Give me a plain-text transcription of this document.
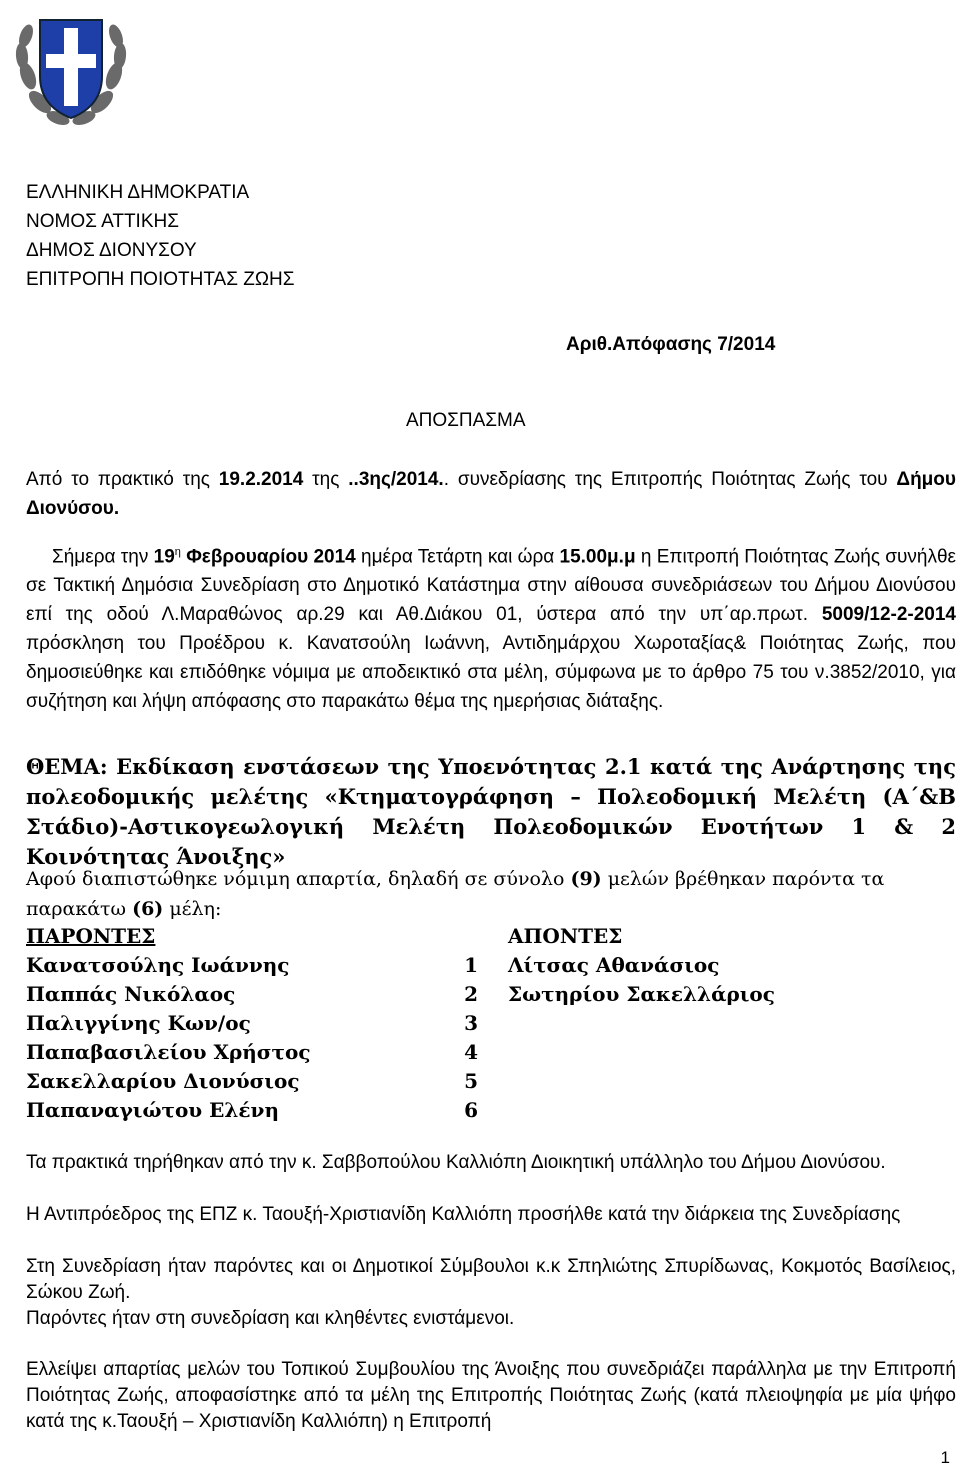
ΕΛΛΗΝΙΚΗ ΔΗΜΟΚΡΑΤΙΑ
ΝΟΜΟΣ ΑΤΤΙΚΗΣ
ΔΗΜΟΣ ΔΙΟΝΥΣΟΥ
ΕΠΙΤΡΟΠΗ ΠΟΙΟΤΗΤΑΣ ΖΩΗΣ
Αριθ.Απόφασης 7/2014
ΑΠΟΣΠΑΣΜΑ
Από το πρακτικό της 19.2.2014 της ..3ης/2014.. συνεδρίασης της Επιτροπής Ποιότητας Ζωής του Δήμου Διονύσου.
Σήμερα την $19^\eta$ Φεβρουαρίου 2014 ημέρα Τετάρτη και ώρα 15.00μ.μ η Επιτροπή Ποιότητας Ζωής συνήλθε σε Τακτική Δημόσια Συνεδρίαση στο Δημοτικό Κατάστημα στην αίθουσα συνεδριάσεων του Δήμου Διονύσου επί της οδού Λ.Μαραθώνος αρ.29 και Αθ.Διάκου 01, ύστερα από την υπ΄αρ.πρωτ. 5009/12-2-2014 πρόσκληση του Προέδρου κ. Κανατσούλη Ιωάννη, Αντιδημάρχου Χωροταξίας& Ποιότητας Ζωής, που δημοσιεύθηκε και επιδόθηκε νόμιμα με αποδεικτικό στα μέλη, σύμφωνα με το άρθρο 75 του ν.3852/2010, για συζήτηση και λήψη απόφασης στο παρακάτω θέμα της ημερήσιας διάταξης.
ΘΕΜΑ: Εκδίκαση ενστάσεων της Υποενότητας 2.1 κατά της Ανάρτησης της πολεοδομικής μελέτης «Κτηματογράφηση – Πολεοδομική Μελέτη (Α΄&Β Στάδιο)-Αστικογεωλογική Μελέτη Πολεοδομικών Ενοτήτων 1 & 2 Κοινότητας Άνοιξης»
Αφού διαπιστώθηκε νόμιμη απαρτία, δηλαδή σε σύνολο (9) μελών βρέθηκαν παρόντα τα παρακάτω (6) μέλη:
ΠΑΡΟΝΤΕΣ
Κανατσούλης Ιωάννης
Παππάς Νικόλαος
Παλιγγίνης Κων/ος
Παπαβασιλείου Χρήστος
Σακελλαρίου Διονύσιος
Παπαναγιώτου Ελένη
1
2
3
4
5
6
ΑΠΟΝΤΕΣ
Λίτσας Αθανάσιος
Σωτηρίου Σακελλάριος
Τα πρακτικά τηρήθηκαν από την κ. Σαββοπούλου Καλλιόπη Διοικητική υπάλληλο του Δήμου Διονύσου.
Η Αντιπρόεδρος της ΕΠΖ κ. Ταουξή-Χριστιανίδη Καλλιόπη προσήλθε κατά την διάρκεια της Συνεδρίασης
Στη Συνεδρίαση ήταν παρόντες και οι Δημοτικοί Σύμβουλοι κ.κ Σπηλιώτης Σπυρίδωνας, Κοκμοτός Βασίλειος, Σώκου Ζωή.
Παρόντες ήταν στη συνεδρίαση και κληθέντες ενιστάμενοι.
Ελλείψει απαρτίας μελών του Τοπικού Συμβουλίου της Άνοιξης που συνεδριάζει παράλληλα με την Επιτροπή Ποιότητας Ζωής, αποφασίστηκε από τα μέλη της Επιτροπής Ποιότητας Ζωής (κατά πλειοψηφία με μία ψήφο κατά της κ.Ταουξή – Χριστιανίδη Καλλιόπη) η Επιτροπή
1
